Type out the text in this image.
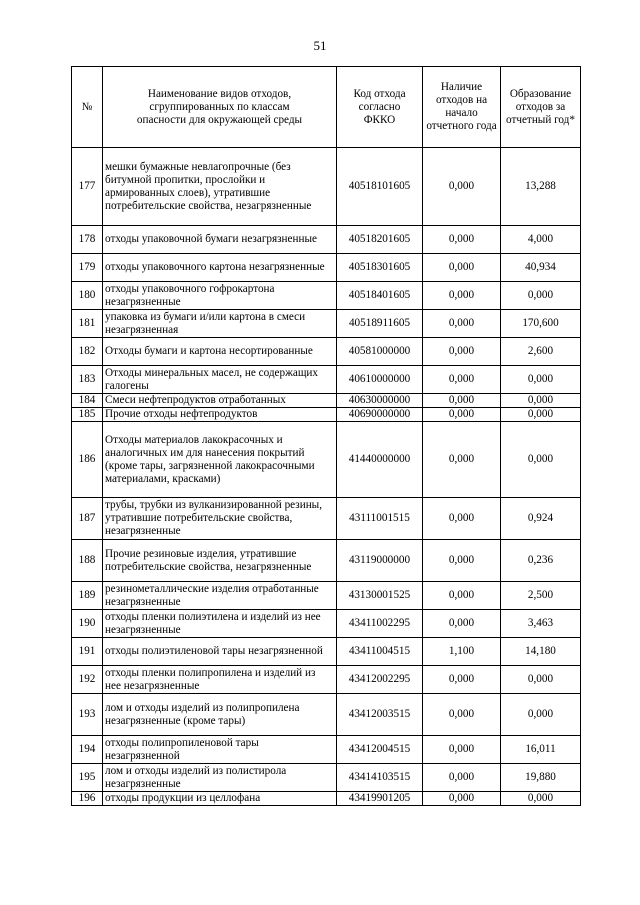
51
№	Наименование видов отходов, сгруппированных по классам опасности для окружающей среды	Код отхода согласно ФККО	Наличие отходов на начало отчетного года	Образование отходов за отчетный год*
177	мешки бумажные невлагопрочные (без битумной пропитки, прослойки и армированных слоев), утратившие потребительские свойства, незагрязненные	40518101605	0,000	13,288
178	отходы упаковочной бумаги незагрязненные	40518201605	0,000	4,000
179	отходы упаковочного картона незагрязненные	40518301605	0,000	40,934
180	отходы упаковочного гофрокартона незагрязненные	40518401605	0,000	0,000
181	упаковка из бумаги и/или картона в смеси незагрязненная	40518911605	0,000	170,600
182	Отходы бумаги и картона несортированные	40581000000	0,000	2,600
183	Отходы минеральных масел, не содержащих галогены	40610000000	0,000	0,000
184	Смеси нефтепродуктов отработанных	40630000000	0,000	0,000
185	Прочие отходы нефтепродуктов	40690000000	0,000	0,000
186	Отходы материалов лакокрасочных и аналогичных им для нанесения покрытий (кроме тары, загрязненной лакокрасочными материалами, красками)	41440000000	0,000	0,000
187	трубы, трубки из вулканизированной резины, утратившие потребительские свойства, незагрязненные	43111001515	0,000	0,924
188	Прочие резиновые изделия, утратившие потребительские свойства, незагрязненные	43119000000	0,000	0,236
189	резинометаллические изделия отработанные незагрязненные	43130001525	0,000	2,500
190	отходы пленки полиэтилена и изделий из нее незагрязненные	43411002295	0,000	3,463
191	отходы полиэтиленовой тары незагрязненной	43411004515	1,100	14,180
192	отходы пленки полипропилена и изделий из нее незагрязненные	43412002295	0,000	0,000
193	лом и отходы изделий из полипропилена незагрязненные (кроме тары)	43412003515	0,000	0,000
194	отходы полипропиленовой тары незагрязненной	43412004515	0,000	16,011
195	лом и отходы изделий из полистирола незагрязненные	43414103515	0,000	19,880
196	отходы продукции из целлофана	43419901205	0,000	0,000
